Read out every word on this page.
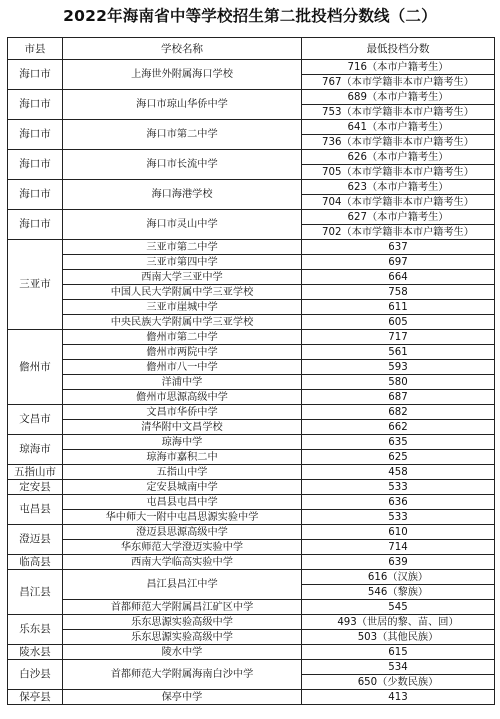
2022年海南省中等学校招生第二批投档分数线（二）
市县	学校名称	最低投档分数
海口市	上海世外附属海口学校	716（本市户籍考生）
		767（本市学籍非本市户籍考生）
海口市	海口市琼山华侨中学	689（本市户籍考生）
		753（本市学籍非本市户籍考生）
海口市	海口市第二中学	641（本市户籍考生）
		736（本市学籍非本市户籍考生）
海口市	海口市长流中学	626（本市户籍考生）
		705（本市学籍非本市户籍考生）
海口市	海口海港学校	623（本市户籍考生）
		704（本市学籍非本市户籍考生）
海口市	海口市灵山中学	627（本市户籍考生）
		702（本市学籍非本市户籍考生）
三亚市	三亚市第二中学	637
	三亚市第四中学	697
	西南大学三亚中学	664
	中国人民大学附属中学三亚学校	758
	三亚市崖城中学	611
	中央民族大学附属中学三亚学校	605
儋州市	儋州市第二中学	717
	儋州市两院中学	561
	儋州市八一中学	593
	洋浦中学	580
	儋州市思源高级中学	687
文昌市	文昌市华侨中学	682
	清华附中文昌学校	662
琼海市	琼海中学	635
	琼海市嘉积二中	625
五指山市	五指山中学	458
定安县	定安县城南中学	533
屯昌县	屯昌县屯昌中学	636
	华中师大一附中屯昌思源实验中学	533
澄迈县	澄迈县思源高级中学	610
	华东师范大学澄迈实验中学	714
临高县	西南大学临高实验中学	639
昌江县	昌江县昌江中学	616（汉族）
		546（黎族）
	首都师范大学附属昌江矿区中学	545
乐东县	乐东思源实验高级中学	493（世居的黎、苗、回）
	乐东思源实验高级中学	503（其他民族）
陵水县	陵水中学	615
白沙县	首都师范大学附属海南白沙中学	534
		650（少数民族）
保亭县	保亭中学	413
